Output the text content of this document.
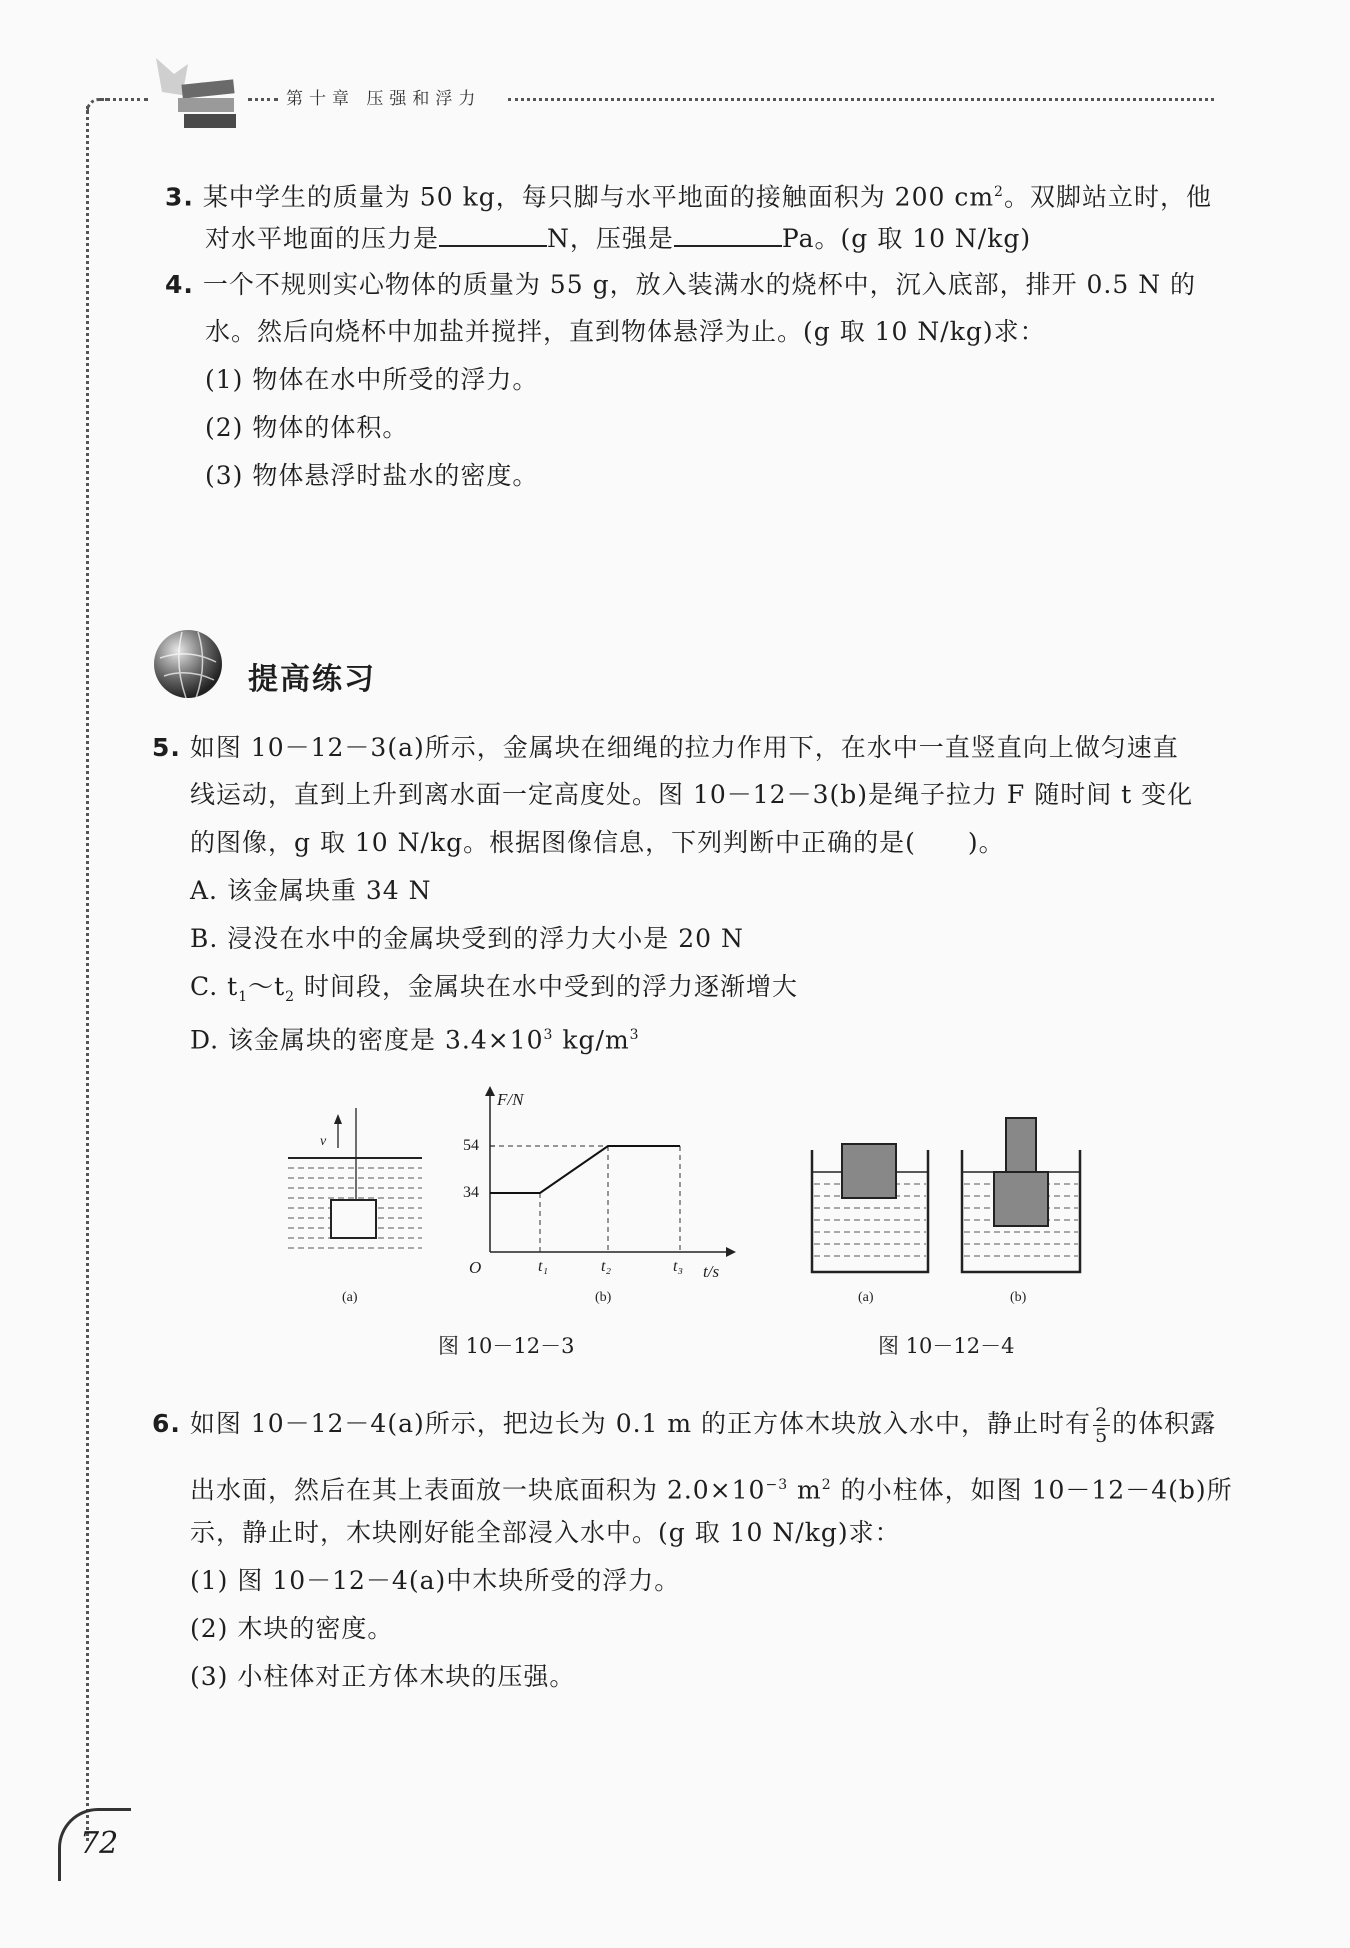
第十章 压强和浮力
3. 某中学生的质量为 50 kg，每只脚与水平地面的接触面积为 200 $cm^2$。双脚站立时，他
对水平地面的压力是	N，压强是	Pa。(g 取 10 N/kg)
4. 一个不规则实心物体的质量为 55 g，放入装满水的烧杯中，沉入底部，排开 0.5 N 的
水。然后向烧杯中加盐并搅拌，直到物体悬浮为止。(g 取 10 N/kg)求：
(1) 物体在水中所受的浮力。
(2) 物体的体积。
(3) 物体悬浮时盐水的密度。
提高练习
5. 如图 10－12－3(a)所示，金属块在细绳的拉力作用下，在水中一直竖直向上做匀速直
线运动，直到上升到离水面一定高度处。图 10－12－3(b)是绳子拉力 F 随时间 t 变化
的图像，g 取 10 N/kg。根据图像信息，下列判断中正确的是(　　)。
A. 该金属块重 34 N
B. 浸没在水中的金属块受到的浮力大小是 20 N
C. $t_1\sim t_2$ 时间段，金属块在水中受到的浮力逐渐增大
D. 该金属块的密度是 $3.4\times 10^3$ $kg/m^3$
v
(a)
F/N
t/s
O
54
34
t₁	t₂	t₃
(b)
图 10－12－3
(a)	(b)
图 10－12－4
6. 如图 10－12－4(a)所示，把边长为 0.1 m 的正方体木块放入水中，静止时有 $\frac{2}{5}$ 的体积露
出水面，然后在其上表面放一块底面积为 $2.0\times 10^{-3}$ $m^2$ 的小柱体，如图 10－12－4(b)所
示，静止时，木块刚好能全部浸入水中。(g 取 10 N/kg)求：
(1) 图 10－12－4(a)中木块所受的浮力。
(2) 木块的密度。
(3) 小柱体对正方体木块的压强。
72
